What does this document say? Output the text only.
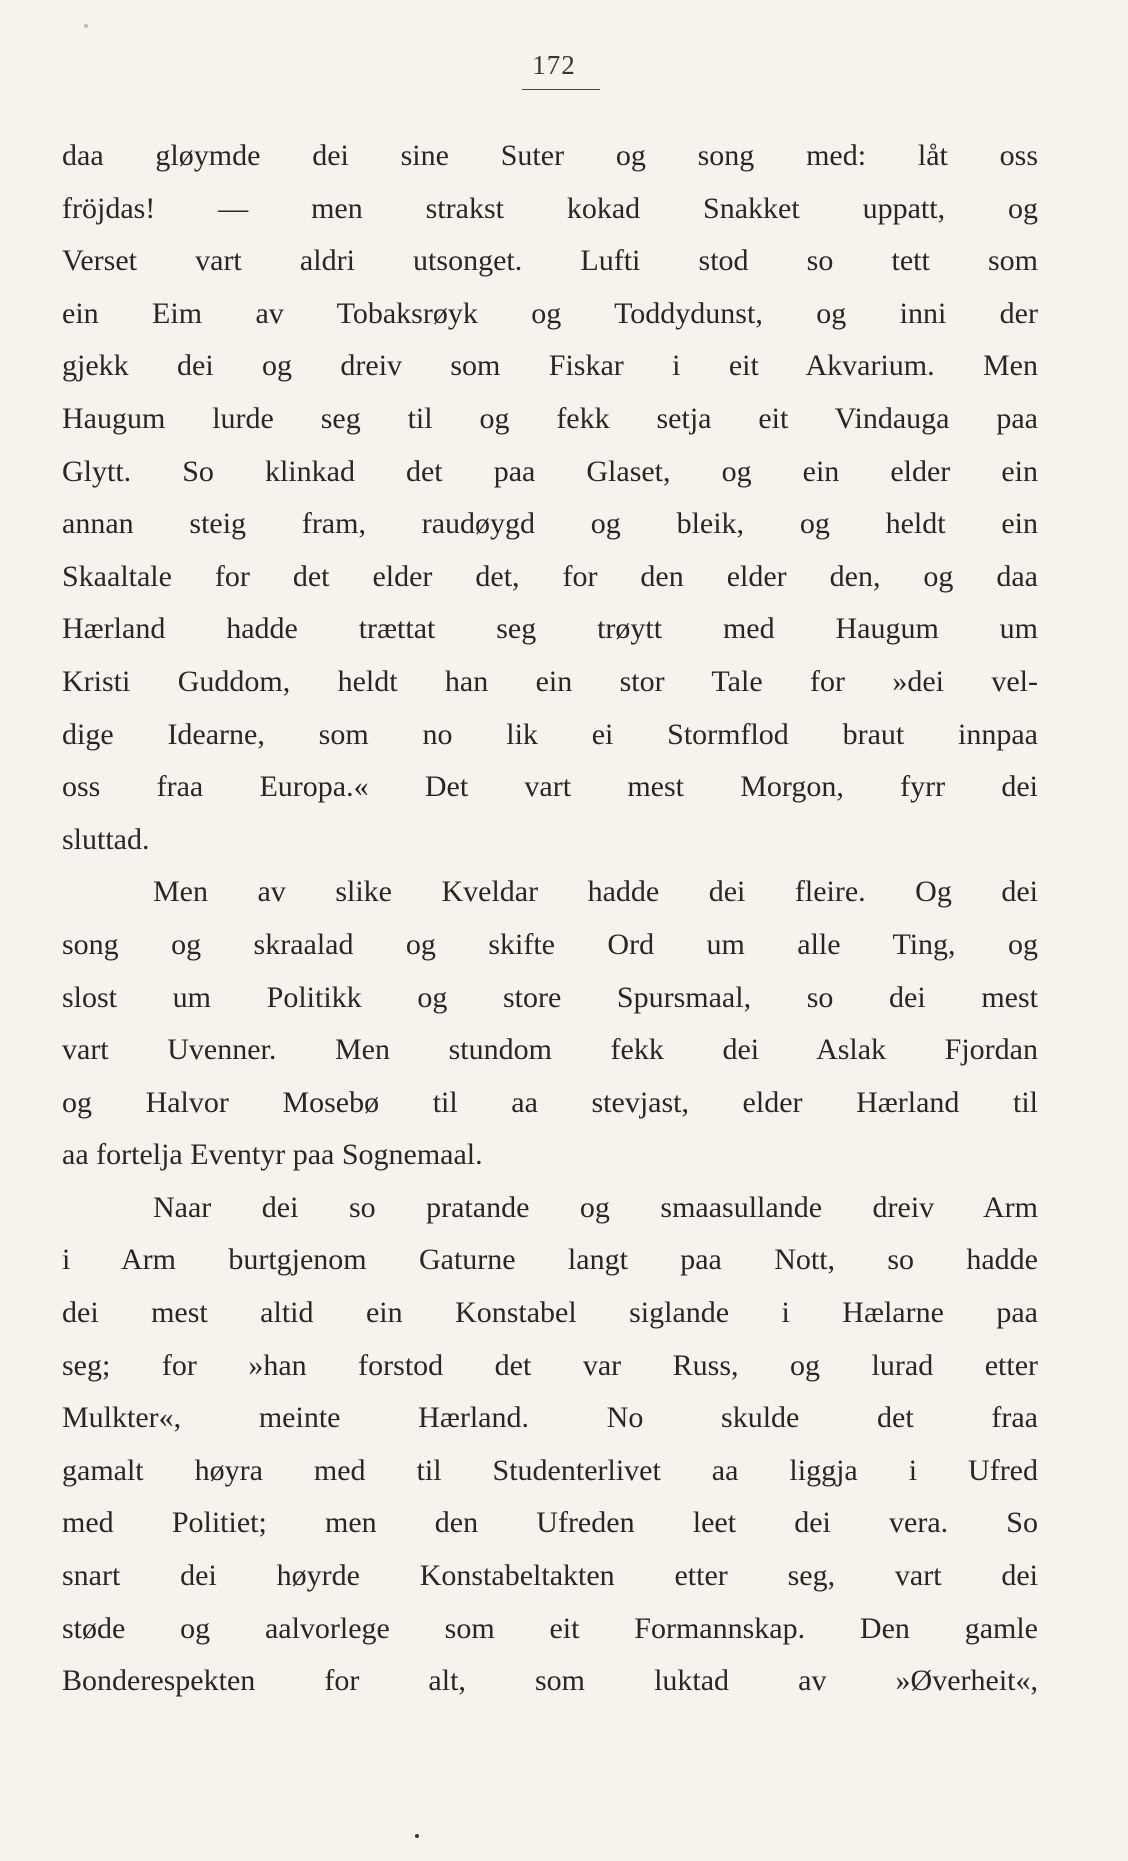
172
daa gløymde dei sine Suter og song med: låt oss
fröjdas! — men strakst kokad Snakket uppatt, og
Verset vart aldri utsonget. Lufti stod so tett som
ein Eim av Tobaksrøyk og Toddydunst, og inni der
gjekk dei og dreiv som Fiskar i eit Akvarium. Men
Haugum lurde seg til og fekk setja eit Vindauga paa
Glytt. So klinkad det paa Glaset, og ein elder ein
annan steig fram, raudøygd og bleik, og heldt ein
Skaaltale for det elder det, for den elder den, og daa
Hærland hadde trættat seg trøytt med Haugum um
Kristi Guddom, heldt han ein stor Tale for »dei vel-
dige Idearne, som no lik ei Stormflod braut innpaa
oss fraa Europa.« Det vart mest Morgon, fyrr dei
sluttad.
Men av slike Kveldar hadde dei fleire. Og dei
song og skraalad og skifte Ord um alle Ting, og
slost um Politikk og store Spursmaal, so dei mest
vart Uvenner. Men stundom fekk dei Aslak Fjordan
og Halvor Mosebø til aa stevjast, elder Hærland til
aa fortelja Eventyr paa Sognemaal.
Naar dei so pratande og smaasullande dreiv Arm
i Arm burtgjenom Gaturne langt paa Nott, so hadde
dei mest altid ein Konstabel siglande i Hælarne paa
seg; for »han forstod det var Russ, og lurad etter
Mulkter«, meinte Hærland. No skulde det fraa
gamalt høyra med til Studenterlivet aa liggja i Ufred
med Politiet; men den Ufreden leet dei vera. So
snart dei høyrde Konstabeltakten etter seg, vart dei
støde og aalvorlege som eit Formannskap. Den gamle
Bonderespekten for alt, som luktad av »Øverheit«,
